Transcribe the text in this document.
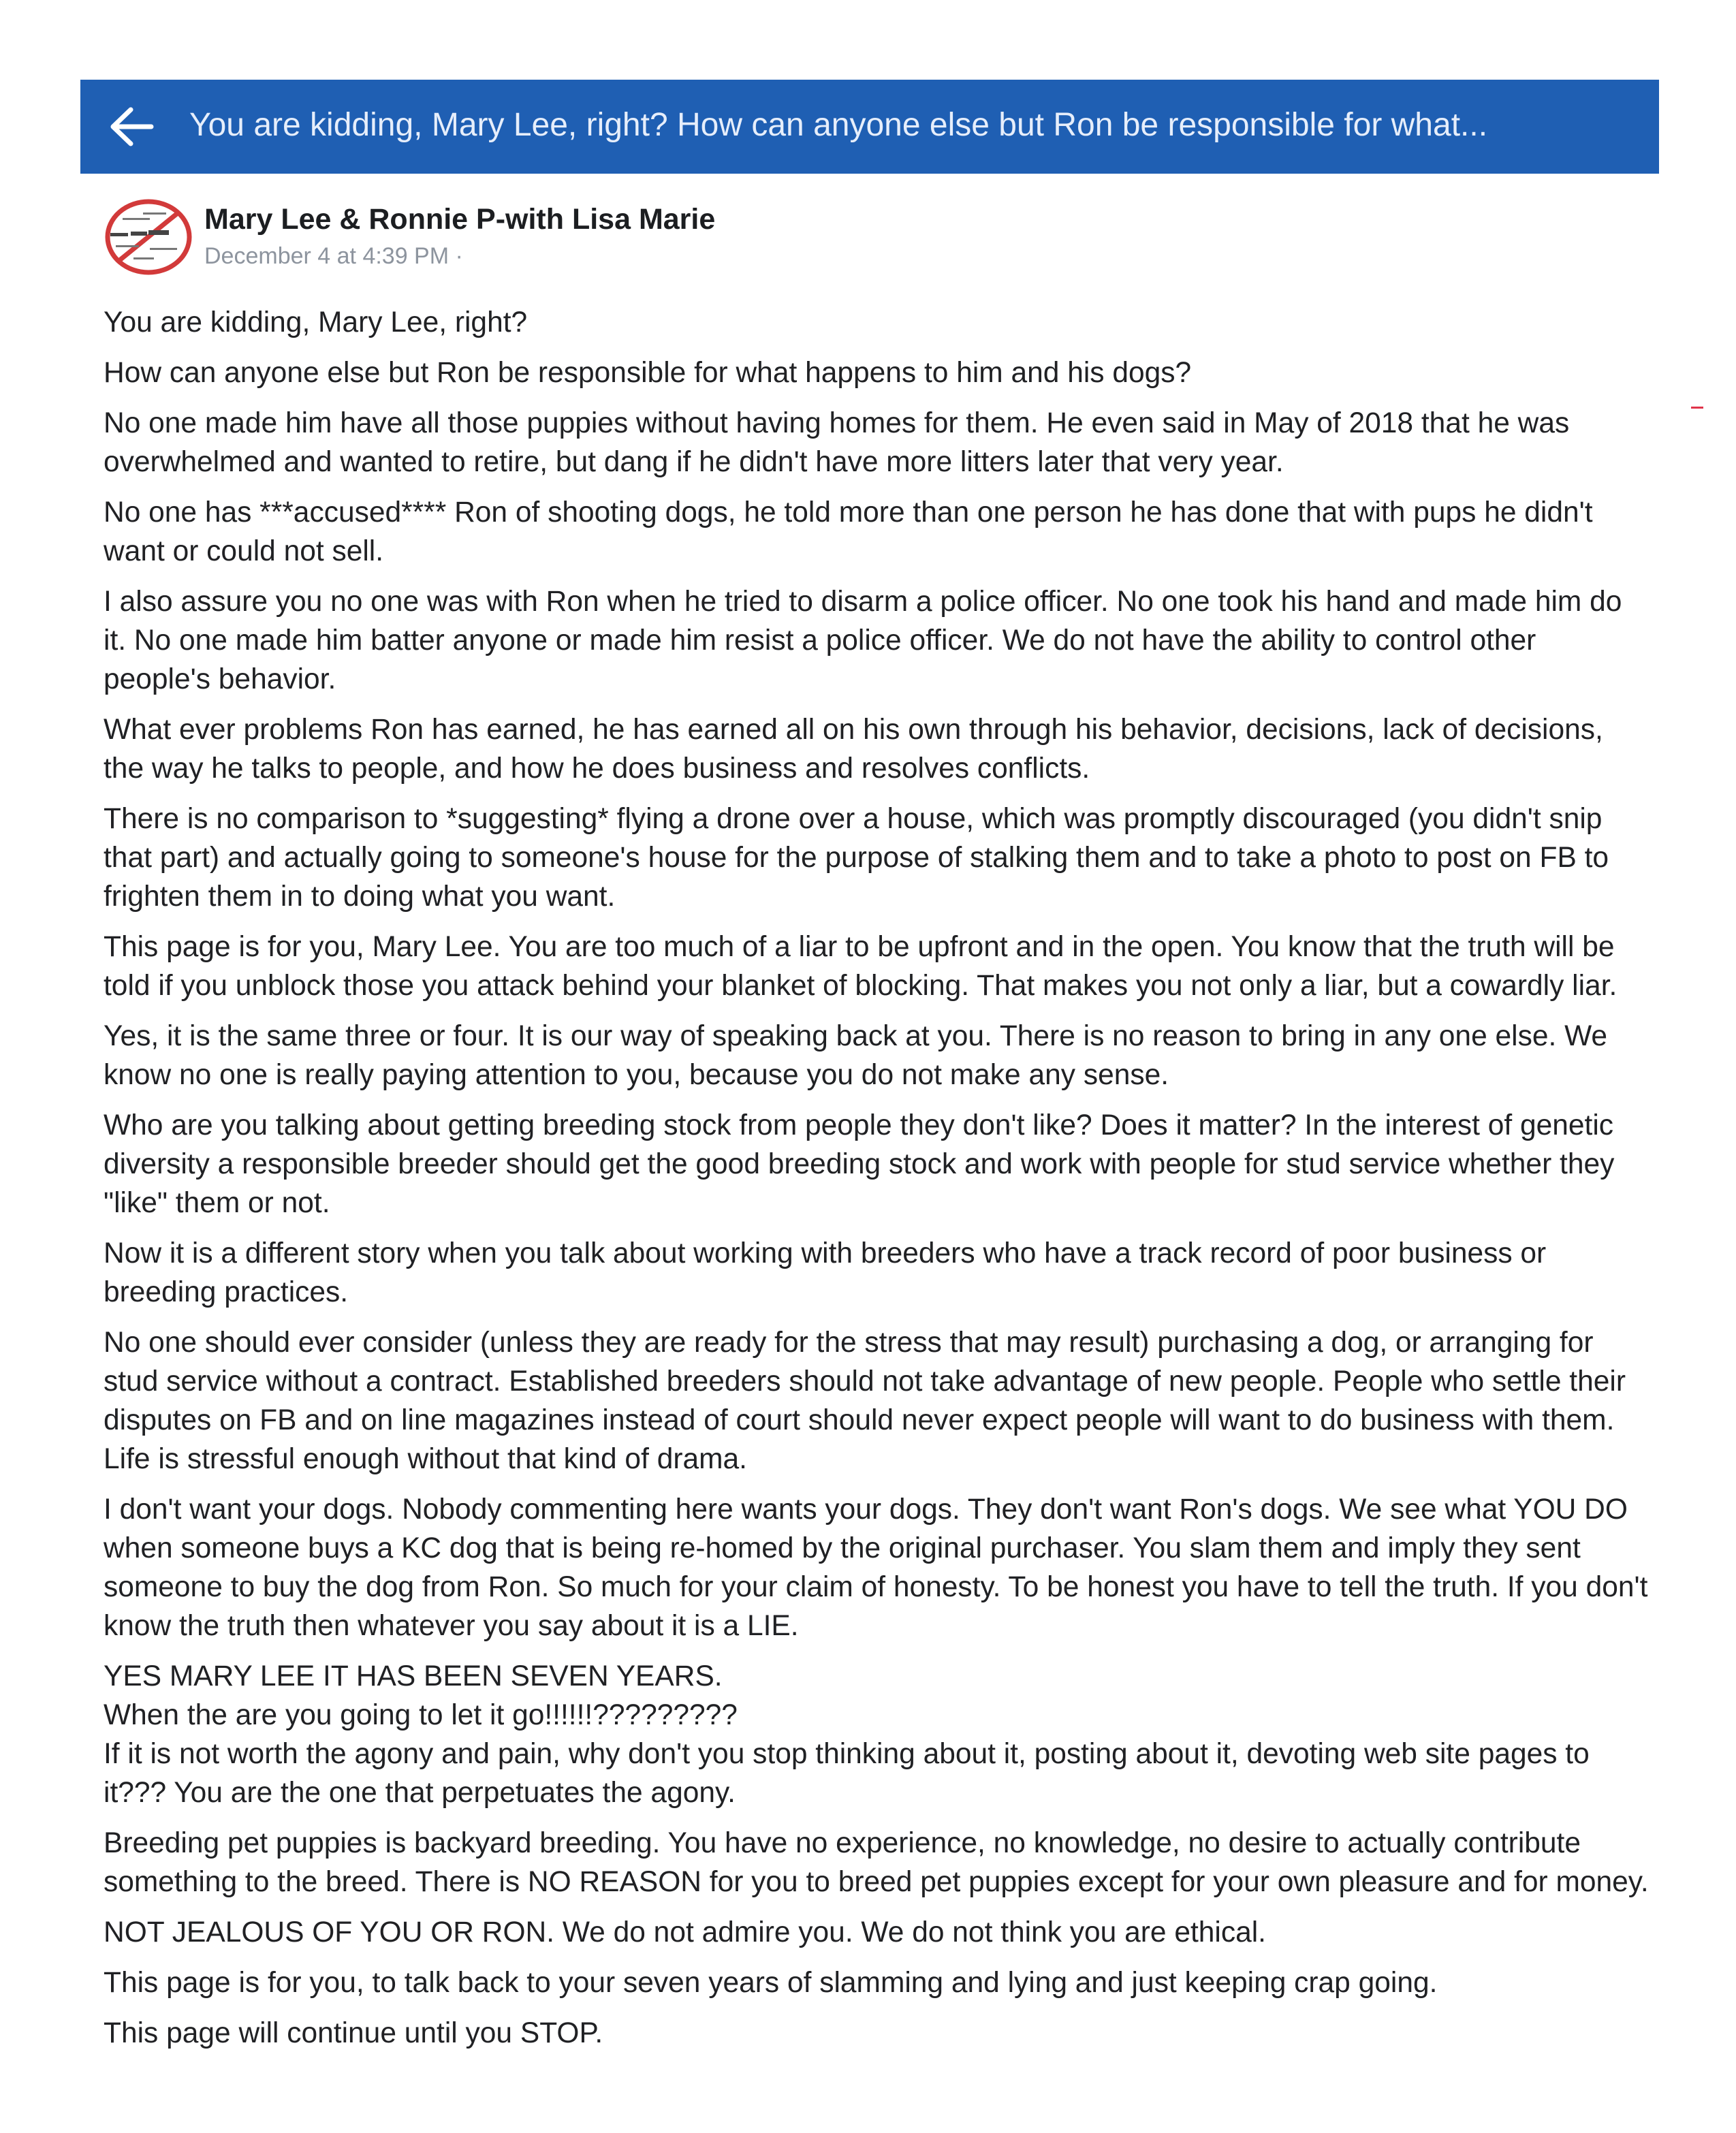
You are kidding, Mary Lee, right? How can anyone else but Ron be responsible for what...
Mary Lee & Ronnie P-with Lisa Marie
December 4 at 4:39 PM ·

You are kidding, Mary Lee, right?

How can anyone else but Ron be responsible for what happens to him and his dogs?

No one made him have all those puppies without having homes for them. He even said in May of 2018 that he was overwhelmed and wanted to retire, but dang if he didn't have more litters later that very year.

No one has ***accused**** Ron of shooting dogs, he told more than one person he has done that with pups he didn't want or could not sell.

I also assure you no one was with Ron when he tried to disarm a police officer. No one took his hand and made him do it. No one made him batter anyone or made him resist a police officer. We do not have the ability to control other people's behavior.

What ever problems Ron has earned, he has earned all on his own through his behavior, decisions, lack of decisions, the way he talks to people, and how he does business and resolves conflicts.

There is no comparison to *suggesting* flying a drone over a house, which was promptly discouraged (you didn't snip that part) and actually going to someone's house for the purpose of stalking them and to take a photo to post on FB to frighten them in to doing what you want.

This page is for you, Mary Lee. You are too much of a liar to be upfront and in the open. You know that the truth will be told if you unblock those you attack behind your blanket of blocking. That makes you not only a liar, but a cowardly liar.

Yes, it is the same three or four. It is our way of speaking back at you. There is no reason to bring in any one else. We know no one is really paying attention to you, because you do not make any sense.

Who are you talking about getting breeding stock from people they don't like? Does it matter? In the interest of genetic diversity a responsible breeder should get the good breeding stock and work with people for stud service whether they "like" them or not.

Now it is a different story when you talk about working with breeders who have a track record of poor business or breeding practices.

No one should ever consider (unless they are ready for the stress that may result) purchasing a dog, or arranging for stud service without a contract. Established breeders should not take advantage of new people. People who settle their disputes on FB and on line magazines instead of court should never expect people will want to do business with them. Life is stressful enough without that kind of drama.

I don't want your dogs. Nobody commenting here wants your dogs. They don't want Ron's dogs. We see what YOU DO when someone buys a KC dog that is being re-homed by the original purchaser. You slam them and imply they sent someone to buy the dog from Ron. So much for your claim of honesty. To be honest you have to tell the truth. If you don't know the truth then whatever you say about it is a LIE.

YES MARY LEE IT HAS BEEN SEVEN YEARS.

When the are you going to let it go!!!!!!?????????

If it is not worth the agony and pain, why don't you stop thinking about it, posting about it, devoting web site pages to it??? You are the one that perpetuates the agony.

Breeding pet puppies is backyard breeding. You have no experience, no knowledge, no desire to actually contribute something to the breed. There is NO REASON for you to breed pet puppies except for your own pleasure and for money.

NOT JEALOUS OF YOU OR RON. We do not admire you. We do not think you are ethical.

This page is for you, to talk back to your seven years of slamming and lying and just keeping crap going.

This page will continue until you STOP.
